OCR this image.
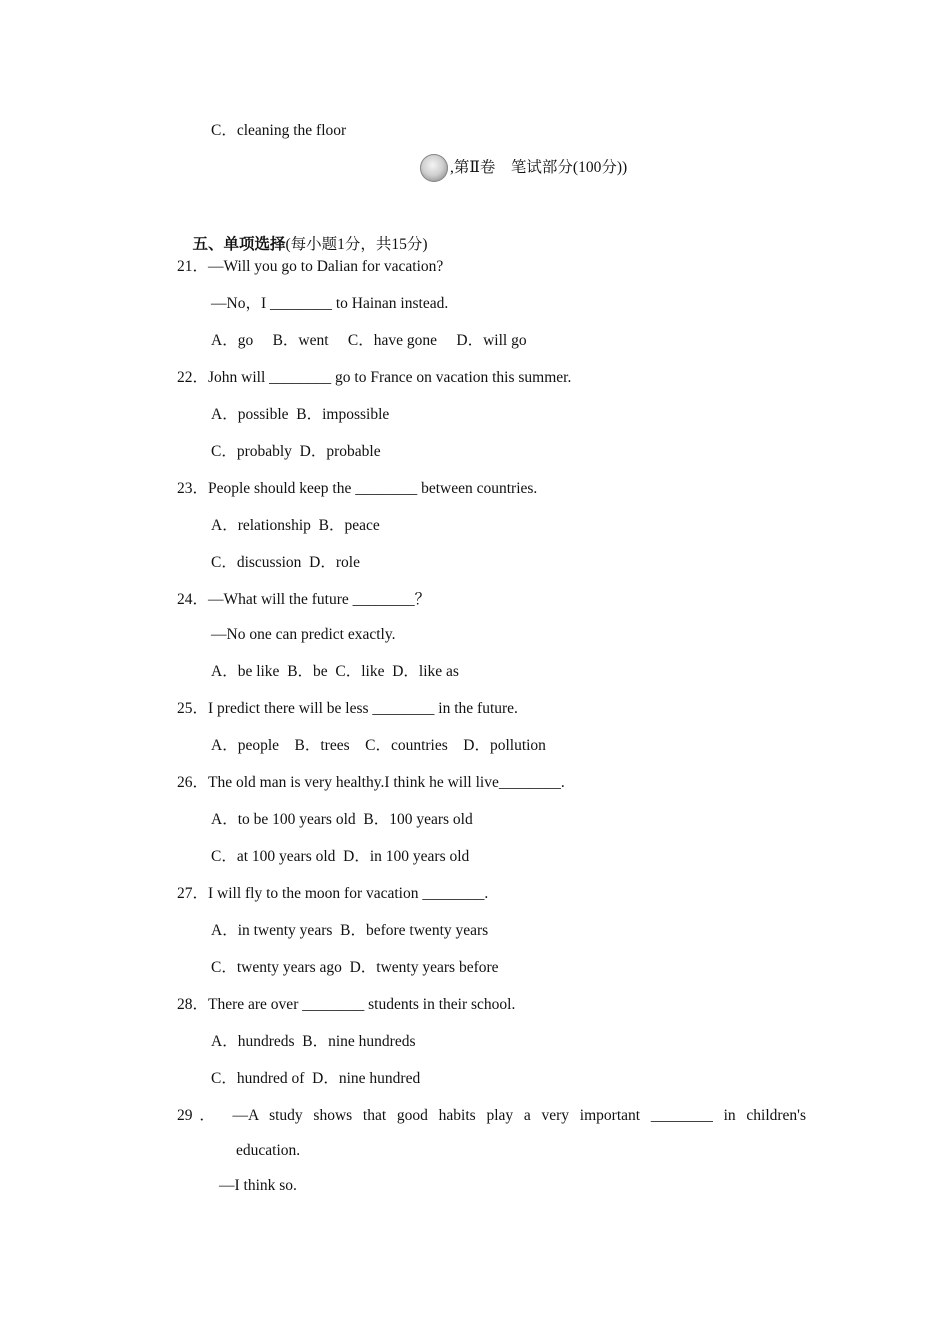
C．cleaning the floor
,第Ⅱ卷　笔试部分(100分))

五、单项选择(每小题1分，共15分)

21．—Will you go to Dalian for vacation?
—No，I ________ to Hainan instead.
A．go　 B．went　 C．have gone　 D．will go
22．John will ________ go to France on vacation this summer.
A．possible  B．impossible
C．probably  D．probable
23．People should keep the ________ between countries.
A．relationship  B．peace
C．discussion  D．role
24．—What will the future ________？
—No one can predict exactly.
A．be like  B．be  C．like  D．like as
25．I predict there will be less ________ in the future.
A．people　B．trees　C．countries　D．pollution
26．The old man is very healthy.I think he will live________.
A．to be 100 years old  B．100 years old
C．at 100 years old  D．in 100 years old
27．I will fly to the moon for vacation ________.
A．in twenty years  B．before twenty years
C．twenty years ago  D．twenty years before
28．There are over ________ students in their school.
A．hundreds  B．nine hundreds
C．hundred of  D．nine hundred
29． —A study shows that good habits play a very important ________ in children's
education.
—I think so.
